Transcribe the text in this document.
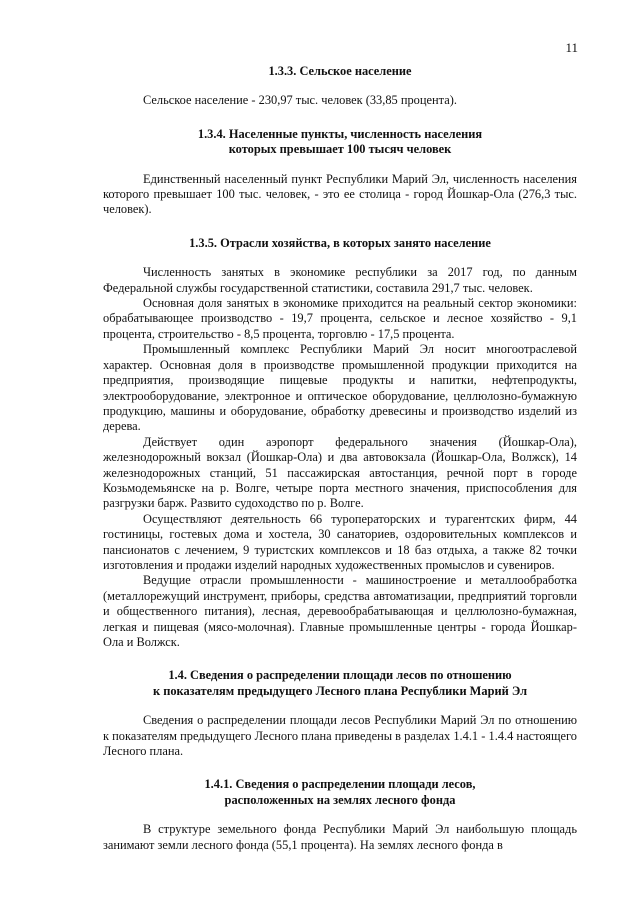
11
1.3.3. Сельское население

Сельское население - 230,97 тыс. человек (33,85 процента).

1.3.4. Населенные пункты, численность населения
которых превышает 100 тысяч человек

Единственный населенный пункт Республики Марий Эл, численность населения которого превышает 100 тыс. человек, - это ее столица - город Йошкар-Ола (276,3 тыс. человек).

1.3.5. Отрасли хозяйства, в которых занято население

Численность занятых в экономике республики за 2017 год, по данным Федеральной службы государственной статистики, составила 291,7 тыс. человек.

Основная доля занятых в экономике приходится на реальный сектор экономики: обрабатывающее производство - 19,7 процента, сельское и лесное хозяйство - 9,1 процента, строительство - 8,5 процента, торговлю - 17,5 процента.

Промышленный комплекс Республики Марий Эл носит многоотраслевой характер. Основная доля в производстве промышленной продукции приходится на предприятия, производящие пищевые продукты и напитки, нефтепродукты, электрооборудование, электронное и оптическое оборудование, целлюлозно-бумажную продукцию, машины и оборудование, обработку древесины и производство изделий из дерева.

Действует один аэропорт федерального значения (Йошкар-Ола), железнодорожный вокзал (Йошкар-Ола) и два автовокзала (Йошкар-Ола, Волжск), 14 железнодорожных станций, 51 пассажирская автостанция, речной порт в городе Козьмодемьянске на р. Волге, четыре порта местного значения, приспособления для разгрузки барж. Развито судоходство по р. Волге.

Осуществляют деятельность 66 туроператорских и турагентских фирм, 44 гостиницы, гостевых дома и хостела, 30 санаториев, оздоровительных комплексов и пансионатов с лечением, 9 туристских комплексов и 18 баз отдыха, а также 82 точки изготовления и продажи изделий народных художественных промыслов и сувениров.

Ведущие отрасли промышленности - машиностроение и металлообработка (металлорежущий инструмент, приборы, средства автоматизации, предприятий торговли и общественного питания), лесная, деревообрабатывающая и целлюлозно-бумажная, легкая и пищевая (мясо-молочная). Главные промышленные центры - города Йошкар-Ола и Волжск.

1.4. Сведения о распределении площади лесов по отношению
к показателям предыдущего Лесного плана Республики Марий Эл

Сведения о распределении площади лесов Республики Марий Эл по отношению к показателям предыдущего Лесного плана приведены в разделах 1.4.1 - 1.4.4 настоящего Лесного плана.

1.4.1. Сведения о распределении площади лесов,
расположенных на землях лесного фонда

В структуре земельного фонда Республики Марий Эл наибольшую площадь занимают земли лесного фонда (55,1 процента). На землях лесного фонда в
